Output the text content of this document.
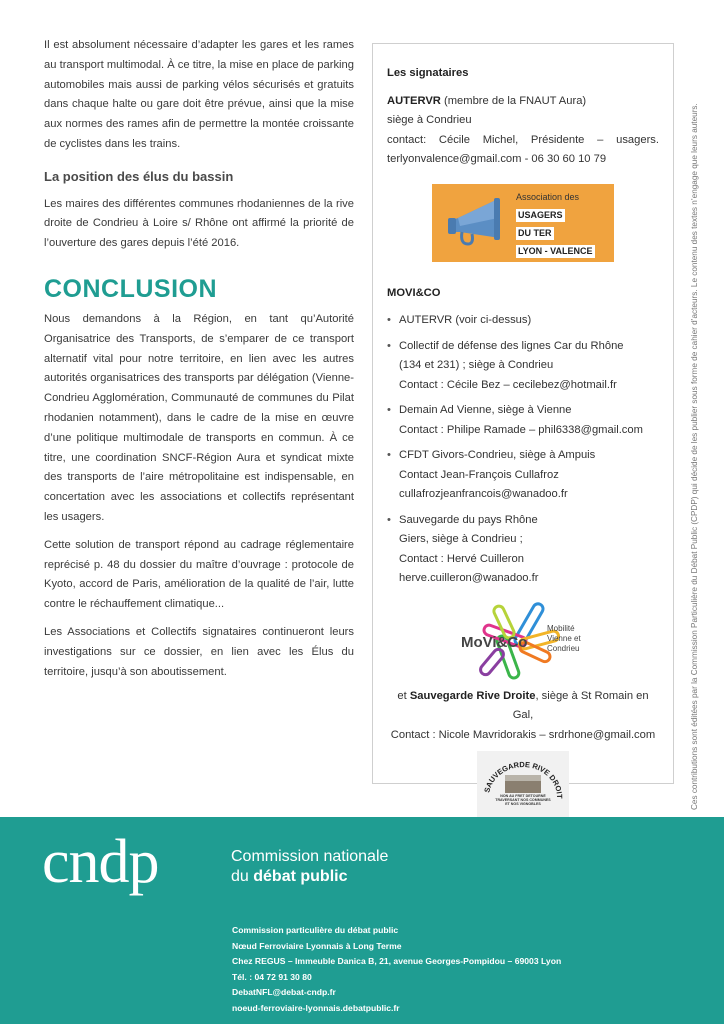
Il est absolument nécessaire d’adapter les gares et les rames au transport multimodal. À ce titre, la mise en place de parking automobiles mais aussi de parking vélos sécurisés et gratuits dans chaque halte ou gare doit être prévue, ainsi que la mise aux normes des rames afin de permettre la montée croissante de cyclistes dans les trains.

La position des élus du bassin

Les maires des différentes communes rhodaniennes de la rive droite de Condrieu à Loire s/ Rhône ont affirmé la priorité de l’ouverture des gares depuis l’été 2016.

CONCLUSION

Nous demandons à la Région, en tant qu’Autorité Organisatrice des Transports, de s’emparer de ce transport alternatif vital pour notre territoire, en lien avec les autres autorités organisatrices des transports par délégation (Vienne-Condrieu Agglomération, Communauté de communes du Pilat rhodanien notamment), dans le cadre de la mise en œuvre d’une politique multimodale de transports en commun. À ce titre, une coordination SNCF-Région Aura et syndicat mixte des transports de l’aire métropolitaine est indispensable, en concertation avec les associations et collectifs représentant les usagers.

Cette solution de transport répond au cadrage réglementaire reprécisé p. 48 du dossier du maître d’ouvrage : protocole de Kyoto, accord de Paris, amélioration de la qualité de l’air, lutte contre le réchauffement climatique...

Les Associations et Collectifs signataires continueront leurs investigations sur ce dossier, en lien avec les Élus du territoire, jusqu’à son aboutissement.

Les signataires
AUTERVR (membre de la FNAUT Aura)
siège à Condrieu
contact: Cécile Michel, Présidente – usagers.
terlyonvalence@gmail.com - 06 30 60 10 79
Association des
USAGERS
DU TER
LYON - VALENCE
MOVI&CO
• AUTERVR (voir ci-dessus)
• Collectif de défense des lignes Car du Rhône
(134 et 231) ; siège à Condrieu
Contact : Cécile Bez – cecilebez@hotmail.fr
• Demain Ad Vienne, siège à Vienne
Contact : Philipe Ramade – phil6338@gmail.com
• CFDT Givors-Condrieu, siège à Ampuis
Contact Jean-François Cullafroz
cullafrozjeanfrancois@wanadoo.fr
• Sauvegarde du pays Rhône
Giers, siège à Condrieu ;
Contact : Hervé Cuilleron
herve.cuilleron@wanadoo.fr
MoVi&Co
Mobilité
Vienne et
Condrieu
et Sauvegarde Rive Droite, siège à St Romain en Gal,
Contact : Nicole Mavridorakis – srdrhone@gmail.com
SAUVEGARDE RIVE DROIT
NON AU FRET DETOURNÉ TRAVERSANT NOS COMMUNES ET NOS VIGNOBLES	Ces contributions sont éditées par la Commission Particulière du Débat Public (CPDP) qui décide de les publier sous forme de cahier d’acteurs. Le contenu des textes n’engage que leurs auteurs.
cndp	Commission nationale
du débat public
Commission particulière du débat public
Nœud Ferroviaire Lyonnais à Long Terme
Chez REGUS – Immeuble Danica B, 21, avenue Georges-Pompidou – 69003 Lyon
Tél. : 04 72 91 30 80
DebatNFL@debat-cndp.fr
noeud-ferroviaire-lyonnais.debatpublic.fr
